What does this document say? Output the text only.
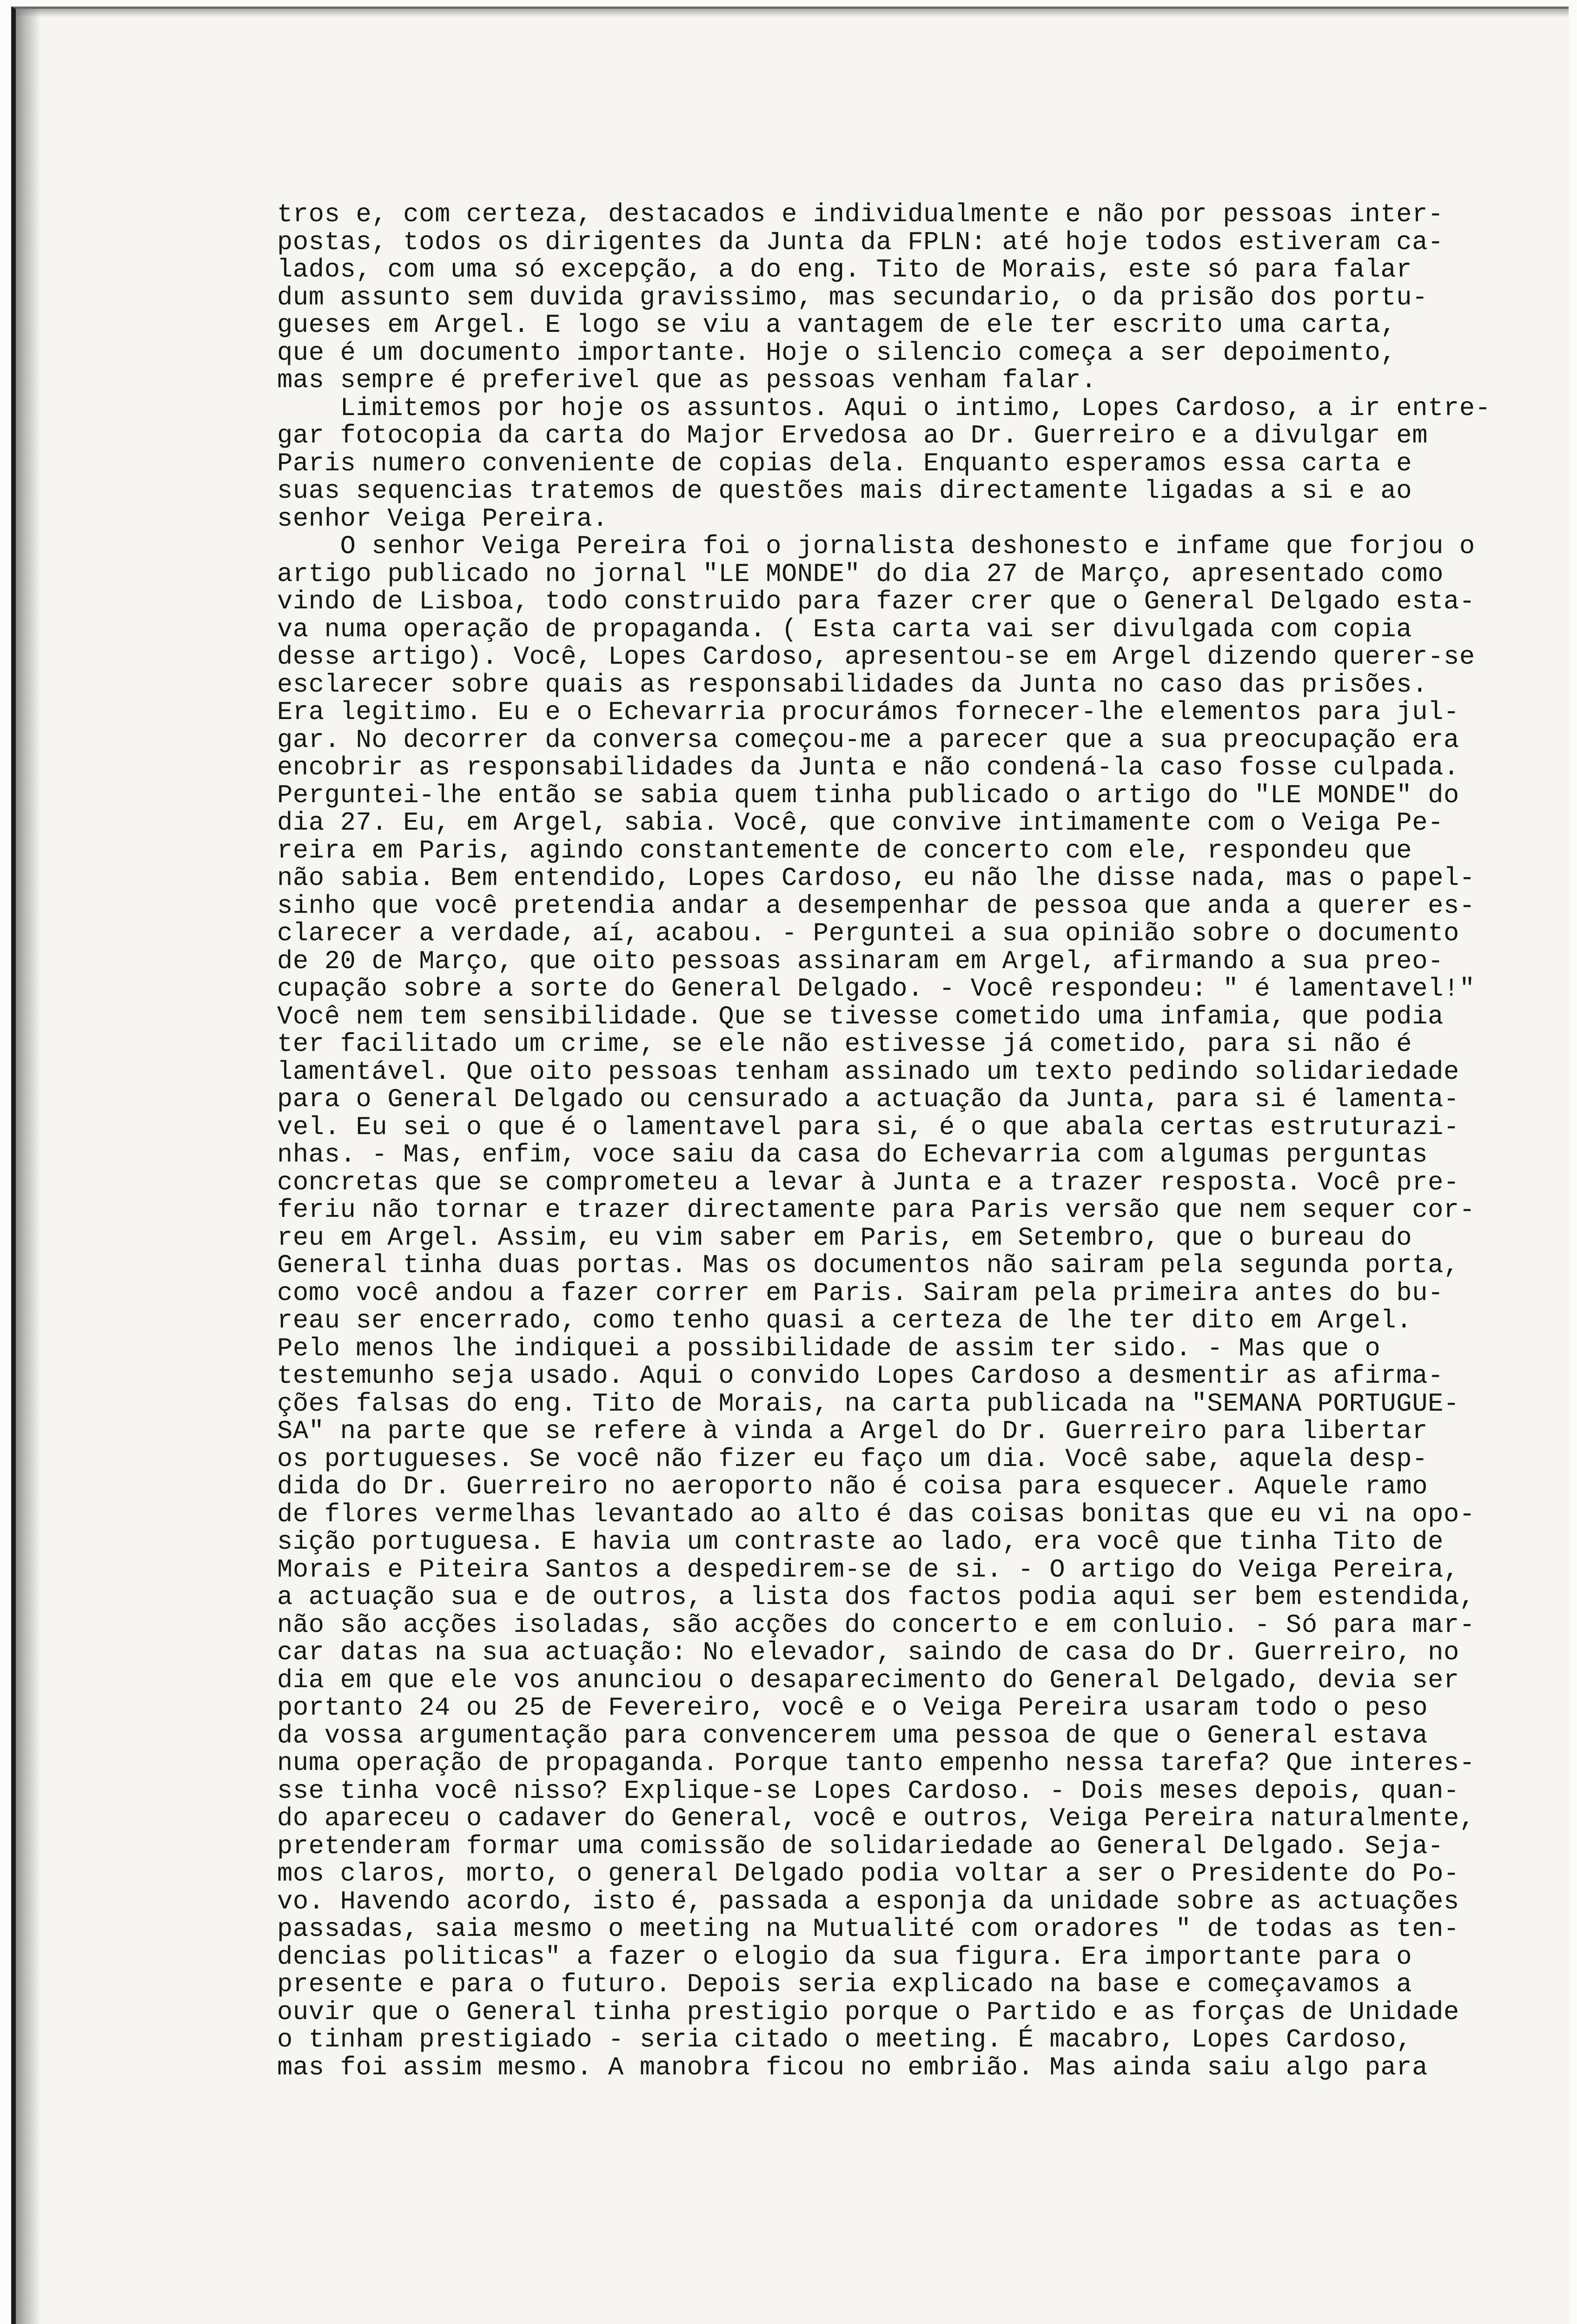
tros e, com certeza, destacados e individualmente e não por pessoas inter-
postas, todos os dirigentes da Junta da FPLN: até hoje todos estiveram ca-
lados, com uma só excepção, a do eng. Tito de Morais, este só para falar
dum assunto sem duvida gravissimo, mas secundario, o da prisão dos portu-
gueses em Argel. E logo se viu a vantagem de ele ter escrito uma carta,
que é um documento importante. Hoje o silencio começa a ser depoimento,
mas sempre é preferivel que as pessoas venham falar.
Limitemos por hoje os assuntos. Aqui o intimo, Lopes Cardoso, a ir entre-
gar fotocopia da carta do Major Ervedosa ao Dr. Guerreiro e a divulgar em
Paris numero conveniente de copias dela. Enquanto esperamos essa carta e
suas sequencias tratemos de questões mais directamente ligadas a si e ao
senhor Veiga Pereira.
O senhor Veiga Pereira foi o jornalista deshonesto e infame que forjou o
artigo publicado no jornal "LE MONDE" do dia 27 de Março, apresentado como
vindo de Lisboa, todo construido para fazer crer que o General Delgado esta-
va numa operação de propaganda. ( Esta carta vai ser divulgada com copia
desse artigo). Você, Lopes Cardoso, apresentou-se em Argel dizendo querer-se
esclarecer sobre quais as responsabilidades da Junta no caso das prisões.
Era legitimo. Eu e o Echevarria procurámos fornecer-lhe elementos para jul-
gar. No decorrer da conversa começou-me a parecer que a sua preocupação era
encobrir as responsabilidades da Junta e não condená-la caso fosse culpada.
Perguntei-lhe então se sabia quem tinha publicado o artigo do "LE MONDE" do
dia 27. Eu, em Argel, sabia. Você, que convive intimamente com o Veiga Pe-
reira em Paris, agindo constantemente de concerto com ele, respondeu que
não sabia. Bem entendido, Lopes Cardoso, eu não lhe disse nada, mas o papel-
sinho que você pretendia andar a desempenhar de pessoa que anda a querer es-
clarecer a verdade, aí, acabou. - Perguntei a sua opinião sobre o documento
de 20 de Março, que oito pessoas assinaram em Argel, afirmando a sua preo-
cupação sobre a sorte do General Delgado. - Você respondeu: " é lamentavel!"
Você nem tem sensibilidade. Que se tivesse cometido uma infamia, que podia
ter facilitado um crime, se ele não estivesse já cometido, para si não é
lamentável. Que oito pessoas tenham assinado um texto pedindo solidariedade
para o General Delgado ou censurado a actuação da Junta, para si é lamenta-
vel. Eu sei o que é o lamentavel para si, é o que abala certas estruturazi-
nhas. - Mas, enfim, voce saiu da casa do Echevarria com algumas perguntas
concretas que se comprometeu a levar à Junta e a trazer resposta. Você pre-
feriu não tornar e trazer directamente para Paris versão que nem sequer cor-
reu em Argel. Assim, eu vim saber em Paris, em Setembro, que o bureau do
General tinha duas portas. Mas os documentos não sairam pela segunda porta,
como você andou a fazer correr em Paris. Sairam pela primeira antes do bu-
reau ser encerrado, como tenho quasi a certeza de lhe ter dito em Argel.
Pelo menos lhe indiquei a possibilidade de assim ter sido. - Mas que o
testemunho seja usado. Aqui o convido Lopes Cardoso a desmentir as afirma-
ções falsas do eng. Tito de Morais, na carta publicada na "SEMANA PORTUGUE-
SA" na parte que se refere à vinda a Argel do Dr. Guerreiro para libertar
os portugueses. Se você não fizer eu faço um dia. Você sabe, aquela desp-
dida do Dr. Guerreiro no aeroporto não é coisa para esquecer. Aquele ramo
de flores vermelhas levantado ao alto é das coisas bonitas que eu vi na opo-
sição portuguesa. E havia um contraste ao lado, era você que tinha Tito de
Morais e Piteira Santos a despedirem-se de si. - O artigo do Veiga Pereira,
a actuação sua e de outros, a lista dos factos podia aqui ser bem estendida,
não são acções isoladas, são acções do concerto e em conluio. - Só para mar-
car datas na sua actuação: No elevador, saindo de casa do Dr. Guerreiro, no
dia em que ele vos anunciou o desaparecimento do General Delgado, devia ser
portanto 24 ou 25 de Fevereiro, você e o Veiga Pereira usaram todo o peso
da vossa argumentação para convencerem uma pessoa de que o General estava
numa operação de propaganda. Porque tanto empenho nessa tarefa? Que interes-
sse tinha você nisso? Explique-se Lopes Cardoso. - Dois meses depois, quan-
do apareceu o cadaver do General, você e outros, Veiga Pereira naturalmente,
pretenderam formar uma comissão de solidariedade ao General Delgado. Seja-
mos claros, morto, o general Delgado podia voltar a ser o Presidente do Po-
vo. Havendo acordo, isto é, passada a esponja da unidade sobre as actuações
passadas, saia mesmo o meeting na Mutualité com oradores " de todas as ten-
dencias politicas" a fazer o elogio da sua figura. Era importante para o
presente e para o futuro. Depois seria explicado na base e começavamos a
ouvir que o General tinha prestigio porque o Partido e as forças de Unidade
o tinham prestigiado - seria citado o meeting. É macabro, Lopes Cardoso,
mas foi assim mesmo. A manobra ficou no embrião. Mas ainda saiu algo para
